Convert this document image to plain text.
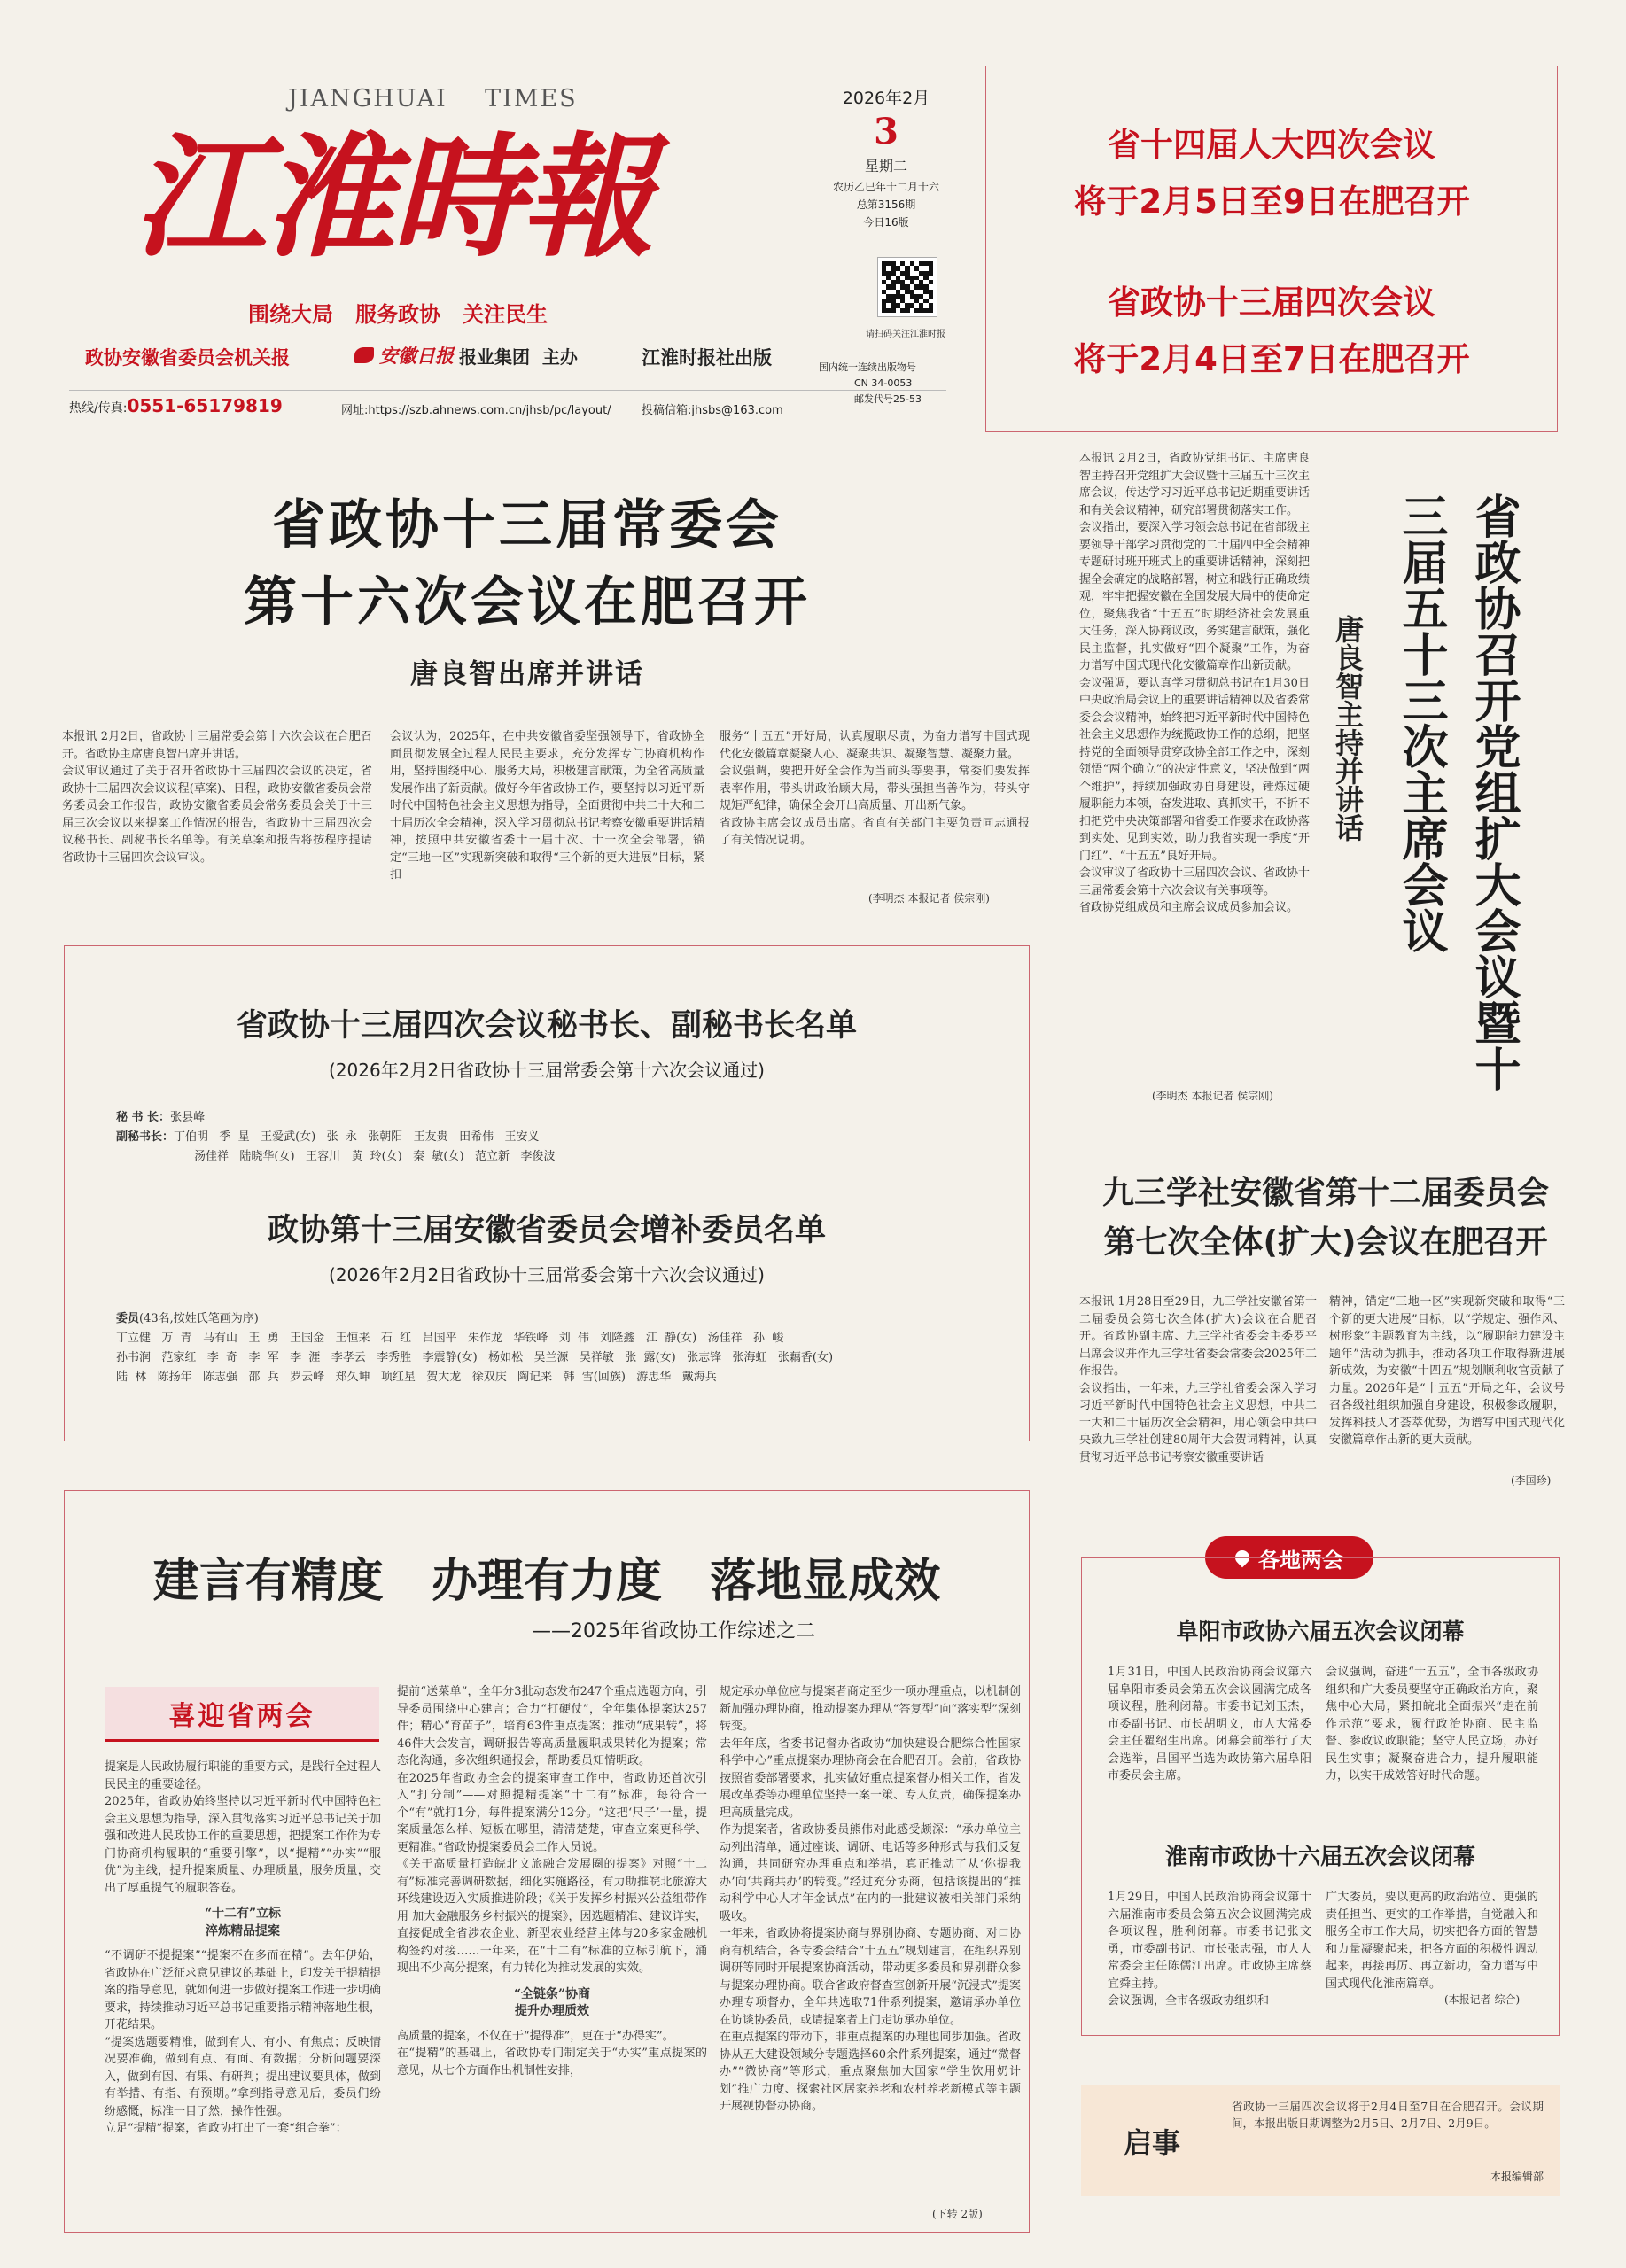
JIANGHUAI    TIMES
江淮時報
围绕大局   服务政协   关注民生
政协安徽省委员会机关报	安徽日报 报业集团  主办	江淮时报社出版
热线/传真:0551-65179819	网址:https://szb.ahnews.com.cn/jhsb/pc/layout/	投稿信箱:jhsbs@163.com
2026年2月
3
星期二
农历乙巳年十二月十六
总第3156期
今日16版
请扫码关注江淮时报
国内统一连续出版物号
CN 34-0053
邮发代号25-53
省十四届人大四次会议
将于2月5日至9日在肥召开
省政协十三届四次会议
将于2月4日至7日在肥召开
省政协十三届常委会
第十六次会议在肥召开
唐良智出席并讲话
本报讯 2月2日，省政协十三届常委会第十六次会议在合肥召开。省政协主席唐良智出席并讲话。
会议审议通过了关于召开省政协十三届四次会议的决定，省政协十三届四次会议议程(草案)、日程，政协安徽省委员会常务委员会工作报告，政协安徽省委员会常务委员会关于十三届三次会议以来提案工作情况的报告，省政协十三届四次会议秘书长、副秘书长名单等。有关草案和报告将按程序提请省政协十三届四次会议审议。
会议认为，2025年，在中共安徽省委坚强领导下，省政协全面贯彻发展全过程人民民主要求，充分发挥专门协商机构作用，坚持围绕中心、服务大局，积极建言献策，为全省高质量发展作出了新贡献。做好今年省政协工作，要坚持以习近平新时代中国特色社会主义思想为指导，全面贯彻中共二十大和二十届历次全会精神，深入学习贯彻总书记考察安徽重要讲话精神，按照中共安徽省委十一届十次、十一次全会部署，锚定“三地一区”实现新突破和取得“三个新的更大进展”目标，紧扣
服务“十五五”开好局，认真履职尽责，为奋力谱写中国式现代化安徽篇章凝聚人心、凝聚共识、凝聚智慧、凝聚力量。
会议强调，要把开好全会作为当前头等要事，常委们要发挥表率作用，带头讲政治顾大局，带头强担当善作为，带头守规矩严纪律，确保全会开出高质量、开出新气象。
省政协主席会议成员出席。省直有关部门主要负责同志通报了有关情况说明。
(李明杰 本报记者 侯宗刚)
省政协十三届四次会议秘书长、副秘书长名单
(2026年2月2日省政协十三届常委会第十六次会议通过)
秘 书 长：张县峰
副秘书长：丁伯明   季  星   王爱武(女)   张  永   张朝阳   王友贵   田希伟   王安义
汤佳祥   陆晓华(女)   王容川   黄  玲(女)   秦  敏(女)   范立新   李俊波
政协第十三届安徽省委员会增补委员名单
(2026年2月2日省政协十三届常委会第十六次会议通过)
委员(43名,按姓氏笔画为序)
丁立健   万  青   马有山   王  勇   王国金   王恒来   石  红   吕国平   朱作龙   华铁峰   刘  伟   刘隆鑫   江  静(女)   汤佳祥   孙  峻
孙书润   范家红   李  奇   李  军   李  涯   李孝云   李秀胜   李震静(女)   杨如松   吴兰源   吴祥敏   张  露(女)   张志锋   张海虹   张藕香(女)
陆  林   陈扬年   陈志强   邵  兵   罗云峰   郑久坤   项红星   贺大龙   徐双庆   陶记来   韩  雪(回族)   游忠华   戴海兵
本报讯 2月2日，省政协党组书记、主席唐良智主持召开党组扩大会议暨十三届五十三次主席会议，传达学习习近平总书记近期重要讲话和有关会议精神，研究部署贯彻落实工作。
会议指出，要深入学习领会总书记在省部级主要领导干部学习贯彻党的二十届四中全会精神专题研讨班开班式上的重要讲话精神，深刻把握全会确定的战略部署，树立和践行正确政绩观，牢牢把握安徽在全国发展大局中的使命定位，聚焦我省“十五五”时期经济社会发展重大任务，深入协商议政，务实建言献策，强化民主监督，扎实做好“四个凝聚”工作，为奋力谱写中国式现代化安徽篇章作出新贡献。
会议强调，要认真学习贯彻总书记在1月30日中央政治局会议上的重要讲话精神以及省委常委会会议精神，始终把习近平新时代中国特色社会主义思想作为统揽政协工作的总纲，把坚持党的全面领导贯穿政协全部工作之中，深刻领悟“两个确立”的决定性意义，坚决做到“两个维护”，持续加强政协自身建设，锤炼过硬履职能力本领，奋发进取、真抓实干，不折不扣把党中央决策部署和省委工作要求在政协落到实处、见到实效，助力我省实现一季度“开门红”、“十五五”良好开局。
会议审议了省政协十三届四次会议、省政协十三届常委会第十六次会议有关事项等。
省政协党组成员和主席会议成员参加会议。
(李明杰 本报记者 侯宗刚)
省政协召开党组扩大会议暨十三届五十三次主席会议
唐良智主持并讲话
九三学社安徽省第十二届委员会
第七次全体(扩大)会议在肥召开
本报讯 1月28日至29日，九三学社安徽省第十二届委员会第七次全体(扩大)会议在合肥召开。省政协副主席、九三学社省委会主委罗平出席会议并作九三学社省委会常委会2025年工作报告。
会议指出，一年来，九三学社省委会深入学习习近平新时代中国特色社会主义思想，中共二十大和二十届历次全会精神，用心领会中共中央致九三学社创建80周年大会贺词精神，认真贯彻习近平总书记考察安徽重要讲话
精神，锚定“三地一区”实现新突破和取得“三个新的更大进展”目标，以“学规定、强作风、树形象”主题教育为主线，以“履职能力建设主题年”活动为抓手，推动各项工作取得新进展新成效，为安徽“十四五”规划顺利收官贡献了力量。2026年是“十五五”开局之年，会议号召各级社组织加强自身建设，积极参政履职，发挥科技人才荟萃优势，为谱写中国式现代化安徽篇章作出新的更大贡献。
(李国珍)
建言有精度   办理有力度   落地显成效
——2025年省政协工作综述之二
喜迎省两会
提案是人民政协履行职能的重要方式，是践行全过程人民民主的重要途径。
2025年，省政协始终坚持以习近平新时代中国特色社会主义思想为指导，深入贯彻落实习近平总书记关于加强和改进人民政协工作的重要思想，把提案工作作为专门协商机构履职的“重要引擎”，以“提精”“办实”“服优”为主线，提升提案质量、办理质量，服务质量，交出了厚重提气的履职答卷。
“十二有”立标
淬炼精品提案
“不调研不提提案”“提案不在多而在精”。去年伊始，省政协在广泛征求意见建议的基础上，印发关于提精提案的指导意见，就如何进一步做好提案工作进一步明确要求，持续推动习近平总书记重要指示精神落地生根，开花结果。
“提案选题要精准，做到有大、有小、有焦点；反映情况要准确，做到有点、有面、有数据；分析问题要深入，做到有因、有果、有研判；提出建议要具体，做到有举措、有指、有预期。”拿到指导意见后，委员们纷纷感慨，标准一目了然，操作性强。
立足“提精”提案，省政协打出了一套“组合拳”：
提前“送菜单”，全年分3批动态发布247个重点选题方向，引导委员围绕中心建言；合力“打硬仗”，全年集体提案达257件；精心“育苗子”，培育63件重点提案；推动“成果转”，将46件大会发言，调研报告等高质量履职成果转化为提案；常态化沟通，多次组织通报会，帮助委员知情明政。
在2025年省政协全会的提案审查工作中，省政协还首次引入“打分制”——对照提精提案“十二有”标准，每符合一个“有”就打1分，每件提案满分12分。“这把‘尺子’一量，提案质量怎么样、短板在哪里，清清楚楚，审查立案更科学、更精准。”省政协提案委员会工作人员说。
《关于高质量打造皖北文旅融合发展圈的提案》对照“十二有”标准完善调研数据，细化实施路径，有力助推皖北旅游大环线建设迈入实质推进阶段；《关于发挥乡村振兴公益组带作用 加大金融服务乡村振兴的提案》，因选题精准、建议详实，直接促成全省涉农企业、新型农业经营主体与20多家金融机构签约对接……一年来，在“十二有”标准的立标引航下，涌现出不少高分提案，有力转化为推动发展的实效。
“全链条”协商
提升办理质效
高质量的提案，不仅在于“提得准”，更在于“办得实”。
在“提精”的基础上，省政协专门制定关于“办实”重点提案的意见，从七个方面作出机制性安排，
规定承办单位应与提案者商定至少一项办理重点，以机制创新加强办理协商，推动提案办理从“答复型”向“落实型”深刻转变。
去年年底，省委书记督办省政协“加快建设合肥综合性国家科学中心”重点提案办理协商会在合肥召开。会前，省政协按照省委部署要求，扎实做好重点提案督办相关工作，省发展改革委等办理单位坚持一案一策、专人负责，确保提案办理高质量完成。
作为提案者，省政协委员熊伟对此感受颇深：“承办单位主动列出清单，通过座谈、调研、电话等多种形式与我们反复沟通，共同研究办理重点和举措，真正推动了从‘你提我办’向‘共商共办’的转变。”经过充分协商，包括该提出的“推动科学中心人才年金试点”在内的一批建议被相关部门采纳吸收。
一年来，省政协将提案协商与界别协商、专题协商、对口协商有机结合，各专委会结合“十五五”规划建言，在组织界别调研等同时开展提案协商活动，带动更多委员和界别群众参与提案办理协商。联合省政府督查室创新开展“沉浸式”提案办理专项督办，全年共选取71件系列提案，邀请承办单位在访谈协委员，或请提案者上门走访承办单位。
在重点提案的带动下，非重点提案的办理也同步加强。省政协从五大建设领域分专题选择60余件系列提案，通过“微督办”“微协商”等形式，重点聚焦加大国家“学生饮用奶计划”推广力度、探索社区居家养老和农村养老新模式等主题开展视协督办协商。
(下转 2版)
各地两会
阜阳市政协六届五次会议闭幕
1月31日，中国人民政治协商会议第六届阜阳市委员会第五次会议圆满完成各项议程，胜利闭幕。市委书记刘玉杰，市委副书记、市长胡明文，市人大常委会主任瞿绍生出席。闭幕会前举行了大会选举，吕国平当选为政协第六届阜阳市委员会主席。
会议强调，奋进“十五五”，全市各级政协组织和广大委员要坚守正确政治方向，聚焦中心大局，紧扣皖北全面振兴“走在前作示范”要求，履行政治协商、民主监督、参政议政职能；坚守人民立场，办好民生实事；凝聚奋进合力，提升履职能力，以实干成效答好时代命题。
淮南市政协十六届五次会议闭幕
1月29日，中国人民政治协商会议第十六届淮南市委员会第五次会议圆满完成各项议程，胜利闭幕。市委书记张文勇，市委副书记、市长张志强，市人大常委会主任陈儒江出席。市政协主席蔡宜舜主持。
会议强调，全市各级政协组织和
广大委员，要以更高的政治站位、更强的责任担当、更实的工作举措，自觉融入和服务全市工作大局，切实把各方面的智慧和力量凝聚起来，把各方面的积极性调动起来，再接再厉、再立新功，奋力谱写中国式现代化淮南篇章。
(本报记者 综合)
启事
省政协十三届四次会议将于2月4日至7日在合肥召开。会议期间，本报出版日期调整为2月5日、2月7日、2月9日。
本报编辑部
